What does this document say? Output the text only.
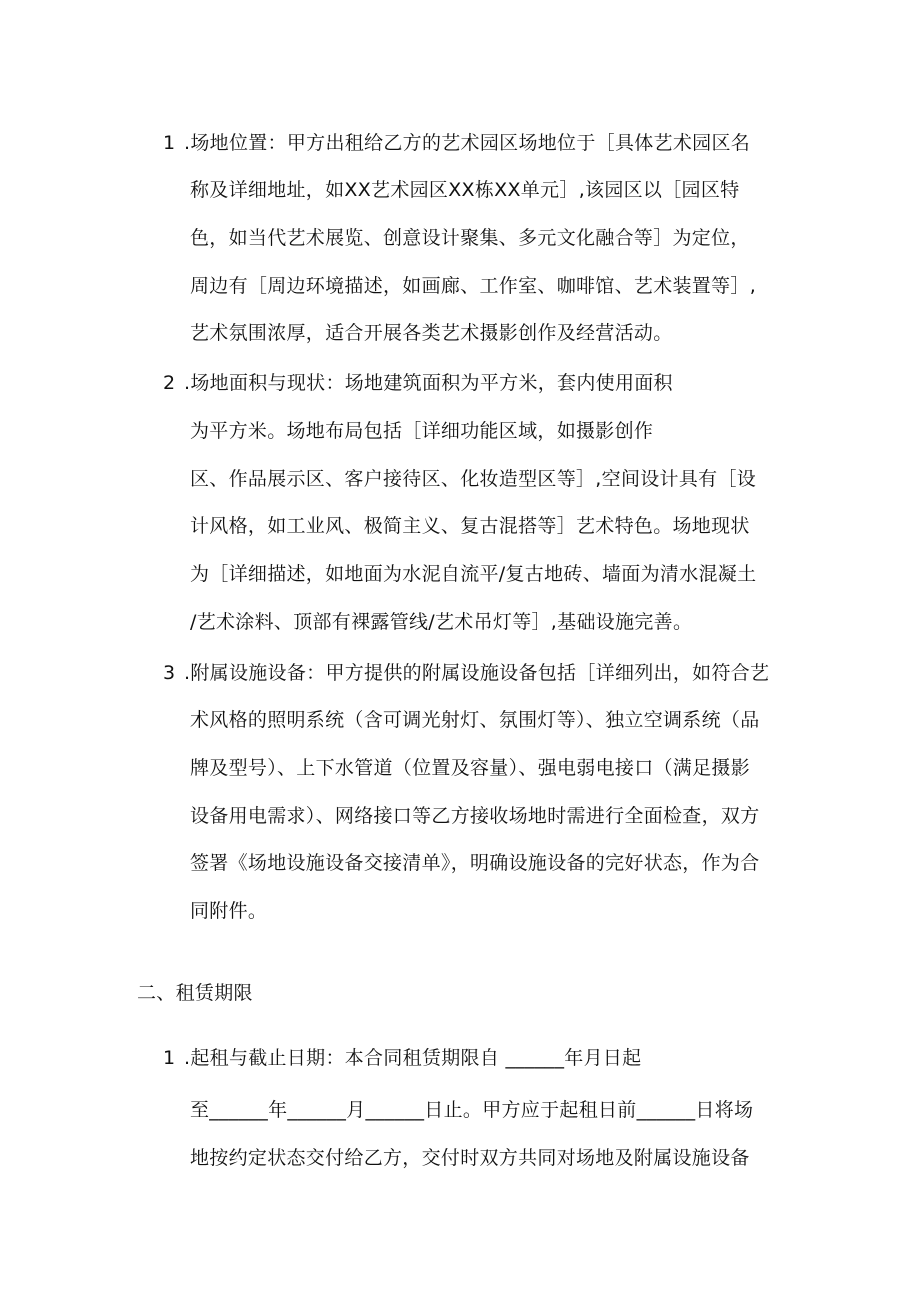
1 .场地位置：甲方出租给乙方的艺术园区场地位于［具体艺术园区名
称及详细地址，如XX艺术园区XX栋XX单元］,该园区以［园区特
色，如当代艺术展览、创意设计聚集、多元文化融合等］为定位，
周边有［周边环境描述，如画廊、工作室、咖啡馆、艺术装置等］,
艺术氛围浓厚，适合开展各类艺术摄影创作及经营活动。
2 .场地面积与现状：场地建筑面积为平方米，套内使用面积
为平方米。场地布局包括［详细功能区域，如摄影创作
区、作品展示区、客户接待区、化妆造型区等］,空间设计具有［设
计风格，如工业风、极简主义、复古混搭等］艺术特色。场地现状
为［详细描述，如地面为水泥自流平/复古地砖、墙面为清水混凝土
/艺术涂料、顶部有裸露管线/艺术吊灯等］,基础设施完善。
3 .附属设施设备：甲方提供的附属设施设备包括［详细列出，如符合艺
术风格的照明系统（含可调光射灯、氛围灯等）、独立空调系统（品
牌及型号）、上下水管道（位置及容量）、强电弱电接口（满足摄影
设备用电需求）、网络接口等乙方接收场地时需进行全面检查，双方
签署《场地设施设备交接清单》，明确设施设备的完好状态，作为合
同附件。
二、租赁期限
1 .起租与截止日期：本合同租赁期限自 ______年月日起
至______年______月______日止。甲方应于起租日前______日将场
地按约定状态交付给乙方，交付时双方共同对场地及附属设施设备
